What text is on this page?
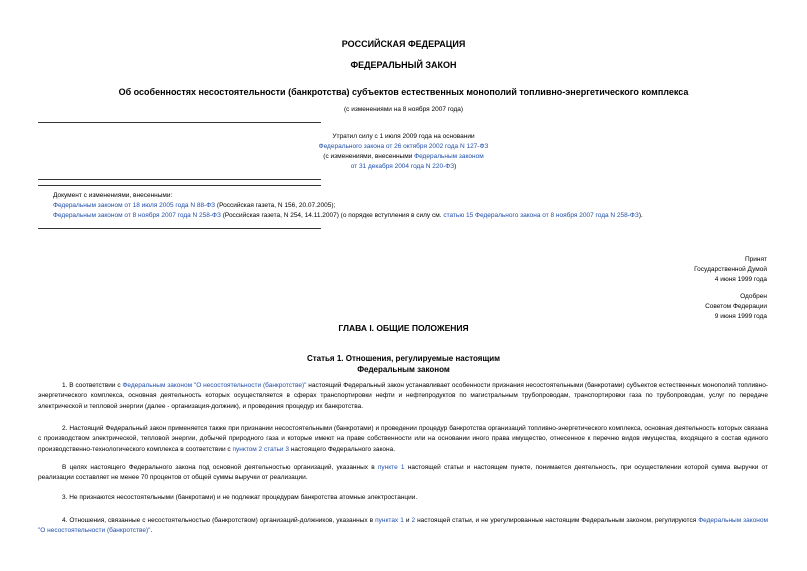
РОССИЙСКАЯ ФЕДЕРАЦИЯ
ФЕДЕРАЛЬНЫЙ ЗАКОН
Об особенностях несостоятельности (банкротства) субъектов естественных монополий топливно-энергетического комплекса
(с изменениями на 8 ноября 2007 года)
Утратил силу с 1 июля 2009 года на основании
Федерального закона от 26 октября 2002 года N 127-ФЗ
(с изменениями, внесенными Федеральным законом
от 31 декабря 2004 года N 220-ФЗ)
Документ с изменениями, внесенными:
Федеральным законом от 18 июля 2005 года N 88-ФЗ (Российская газета, N 156, 20.07.2005);
Федеральным законом от 8 ноября 2007 года N 258-ФЗ (Российская газета, N 254, 14.11.2007) (о порядке вступления в силу см. статью 15 Федерального закона от 8 ноября 2007 года N 258-ФЗ).
Принят
Государственной Думой
4 июня 1999 года
Одобрен
Советом Федерации
9 июня 1999 года
ГЛАВА I. ОБЩИЕ ПОЛОЖЕНИЯ
Статья 1. Отношения, регулируемые настоящим
Федеральным законом
1. В соответствии с Федеральным законом "О несостоятельности (банкротстве)" настоящий Федеральный закон устанавливает особенности признания несостоятельными (банкротами) субъектов естественных монополий топливно-энергетического комплекса, основная деятельность которых осуществляется в сферах транспортировки нефти и нефтепродуктов по магистральным трубопроводам, транспортировки газа по трубопроводам, услуг по передаче электрической и тепловой энергии (далее - организация-должник), и проведения процедур их банкротства.
2. Настоящий Федеральный закон применяется также при признании несостоятельными (банкротами) и проведении процедур банкротства организаций топливно-энергетического комплекса, основная деятельность которых связана с производством электрической, тепловой энергии, добычей природного газа и которые имеют на праве собственности или на основании иного права имущество, отнесенное к перечню видов имущества, входящего в состав единого производственно-технологического комплекса в соответствии с пунктом 2 статьи 3 настоящего Федерального закона.
В целях настоящего Федерального закона под основной деятельностью организаций, указанных в пункте 1 настоящей статьи и настоящем пункте, понимается деятельность, при осуществлении которой сумма выручки от реализации составляет не менее 70 процентов от общей суммы выручки от реализации.
3. Не признаются несостоятельными (банкротами) и не подлежат процедурам банкротства атомные электростанции.
4. Отношения, связанные с несостоятельностью (банкротством) организаций-должников, указанных в пунктах 1 и 2 настоящей статьи, и не урегулированные настоящим Федеральным законом, регулируются Федеральным законом "О несостоятельности (банкротстве)".
